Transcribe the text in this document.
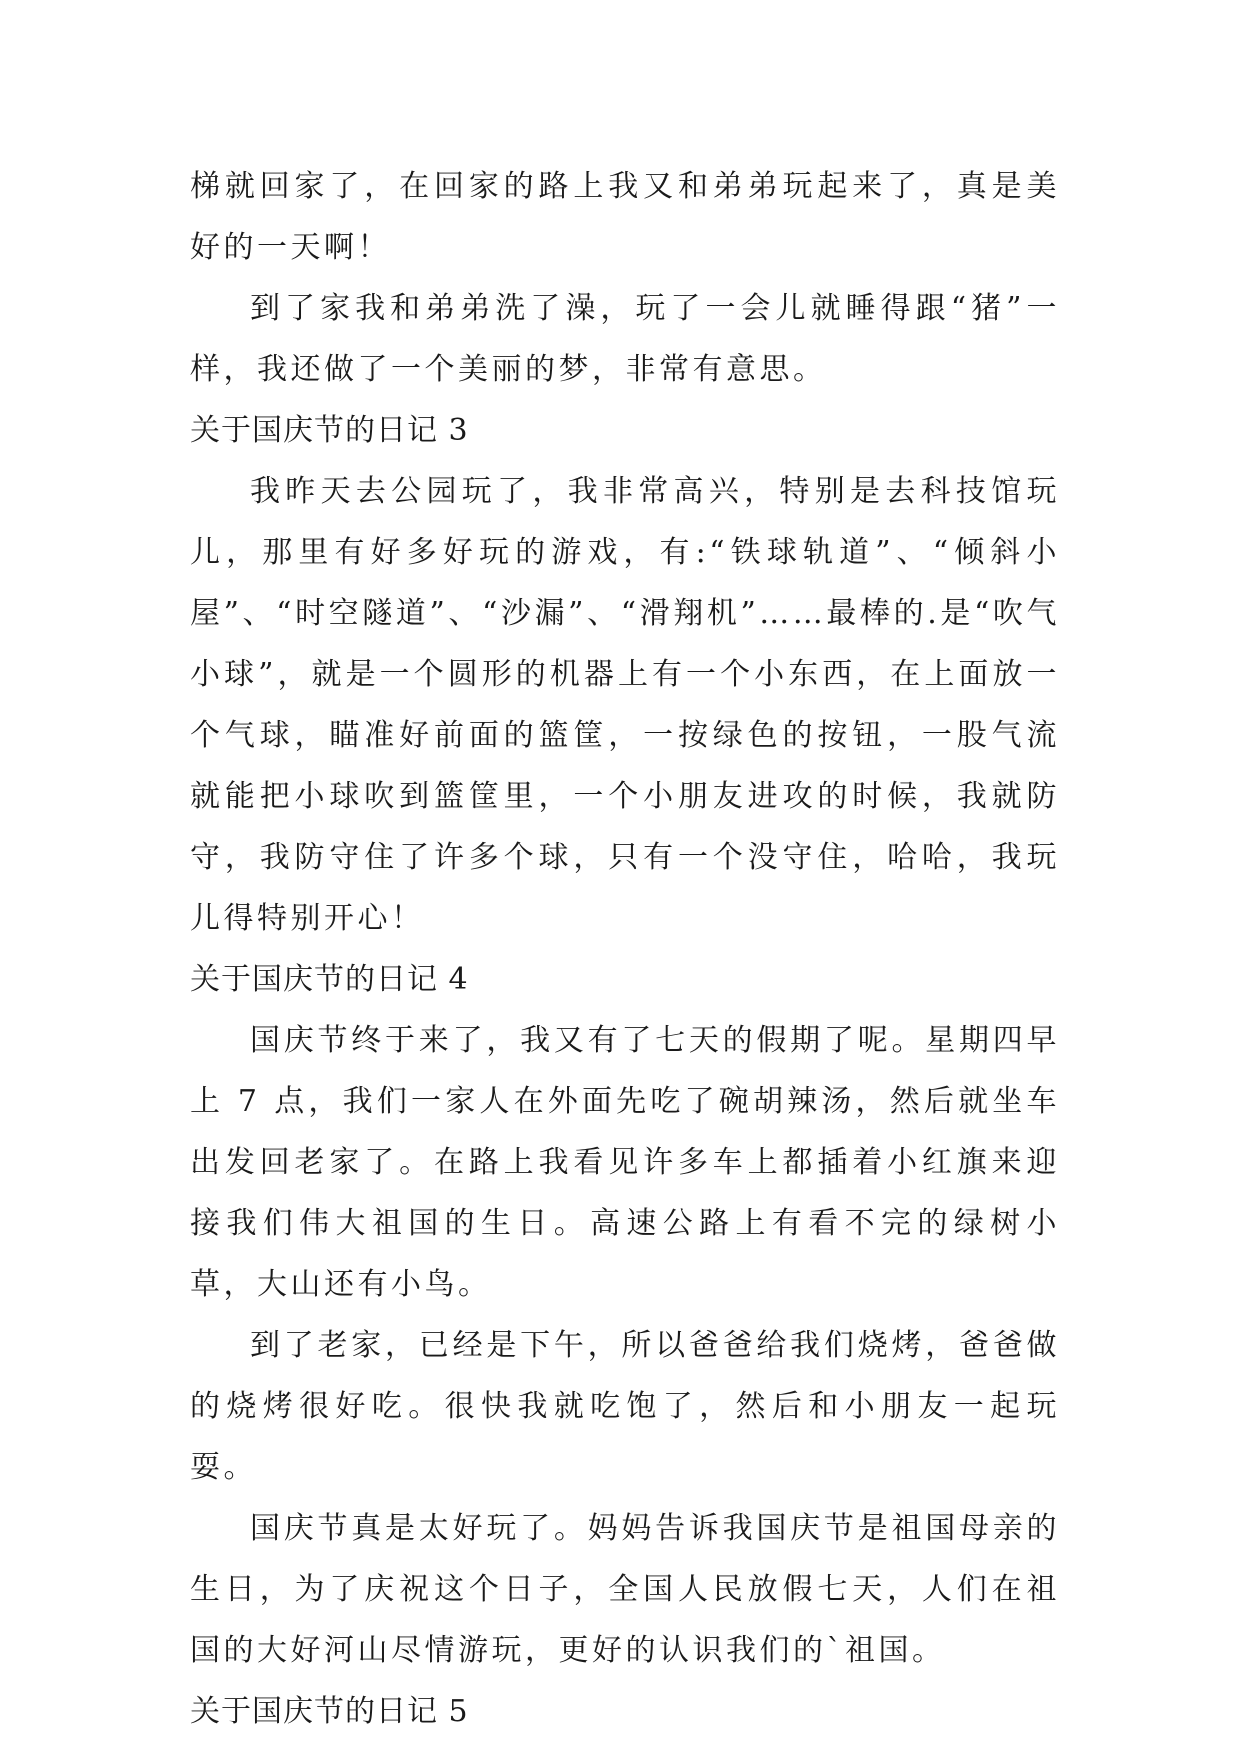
梯就回家了，在回家的路上我又和弟弟玩起来了，真是美好的一天啊！

到了家我和弟弟洗了澡，玩了一会儿就睡得跟“猪”一样，我还做了一个美丽的梦，非常有意思。

关于国庆节的日记 3

我昨天去公园玩了，我非常高兴，特别是去科技馆玩儿，那里有好多好玩的游戏，有:“铁球轨道”、“倾斜小屋”、“时空隧道”、“沙漏”、“滑翔机”……最棒的.是“吹气小球”，就是一个圆形的机器上有一个小东西，在上面放一个气球，瞄准好前面的篮筐，一按绿色的按钮，一股气流就能把小球吹到篮筐里，一个小朋友进攻的时候，我就防守，我防守住了许多个球，只有一个没守住，哈哈，我玩儿得特别开心！

关于国庆节的日记 4

国庆节终于来了，我又有了七天的假期了呢。星期四早上 7 点，我们一家人在外面先吃了碗胡辣汤，然后就坐车出发回老家了。在路上我看见许多车上都插着小红旗来迎接我们伟大祖国的生日。高速公路上有看不完的绿树小草，大山还有小鸟。

到了老家，已经是下午，所以爸爸给我们烧烤，爸爸做的烧烤很好吃。很快我就吃饱了，然后和小朋友一起玩耍。

国庆节真是太好玩了。妈妈告诉我国庆节是祖国母亲的生日，为了庆祝这个日子，全国人民放假七天，人们在祖国的大好河山尽情游玩，更好的认识我们的`祖国。

关于国庆节的日记 5
